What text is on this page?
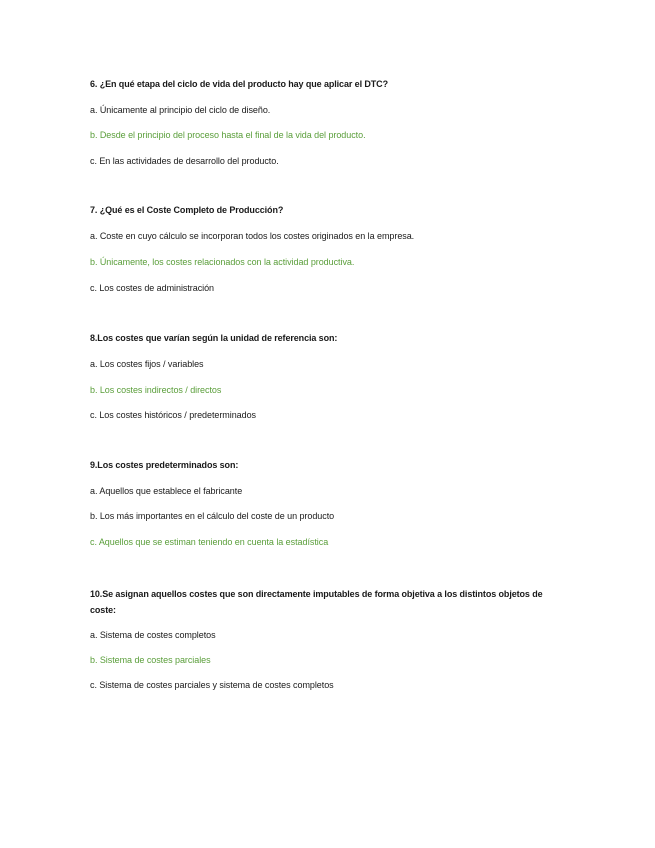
6. ¿En qué etapa del ciclo de vida del producto hay que aplicar el DTC?
a. Únicamente al principio del ciclo de diseño.
b. Desde el principio del proceso hasta el final de la vida del producto.
c. En las actividades de desarrollo del producto.
7. ¿Qué es el Coste Completo de Producción?
a. Coste en cuyo cálculo se incorporan todos los costes originados en la empresa.
b. Únicamente, los costes relacionados con la actividad productiva.
c. Los costes de administración
8.Los costes que varían según la unidad de referencia son:
a. Los costes fijos / variables
b. Los costes indirectos / directos
c. Los costes históricos / predeterminados
9.Los costes predeterminados son:
a. Aquellos que establece el fabricante
b. Los más importantes en el cálculo del coste de un producto
c. Aquellos que se estiman teniendo en cuenta la estadística
10.Se asignan aquellos costes que son directamente imputables de forma objetiva a los distintos objetos de coste:
a. Sistema de costes completos
b. Sistema de costes parciales
c. Sistema de costes parciales y sistema de costes completos
